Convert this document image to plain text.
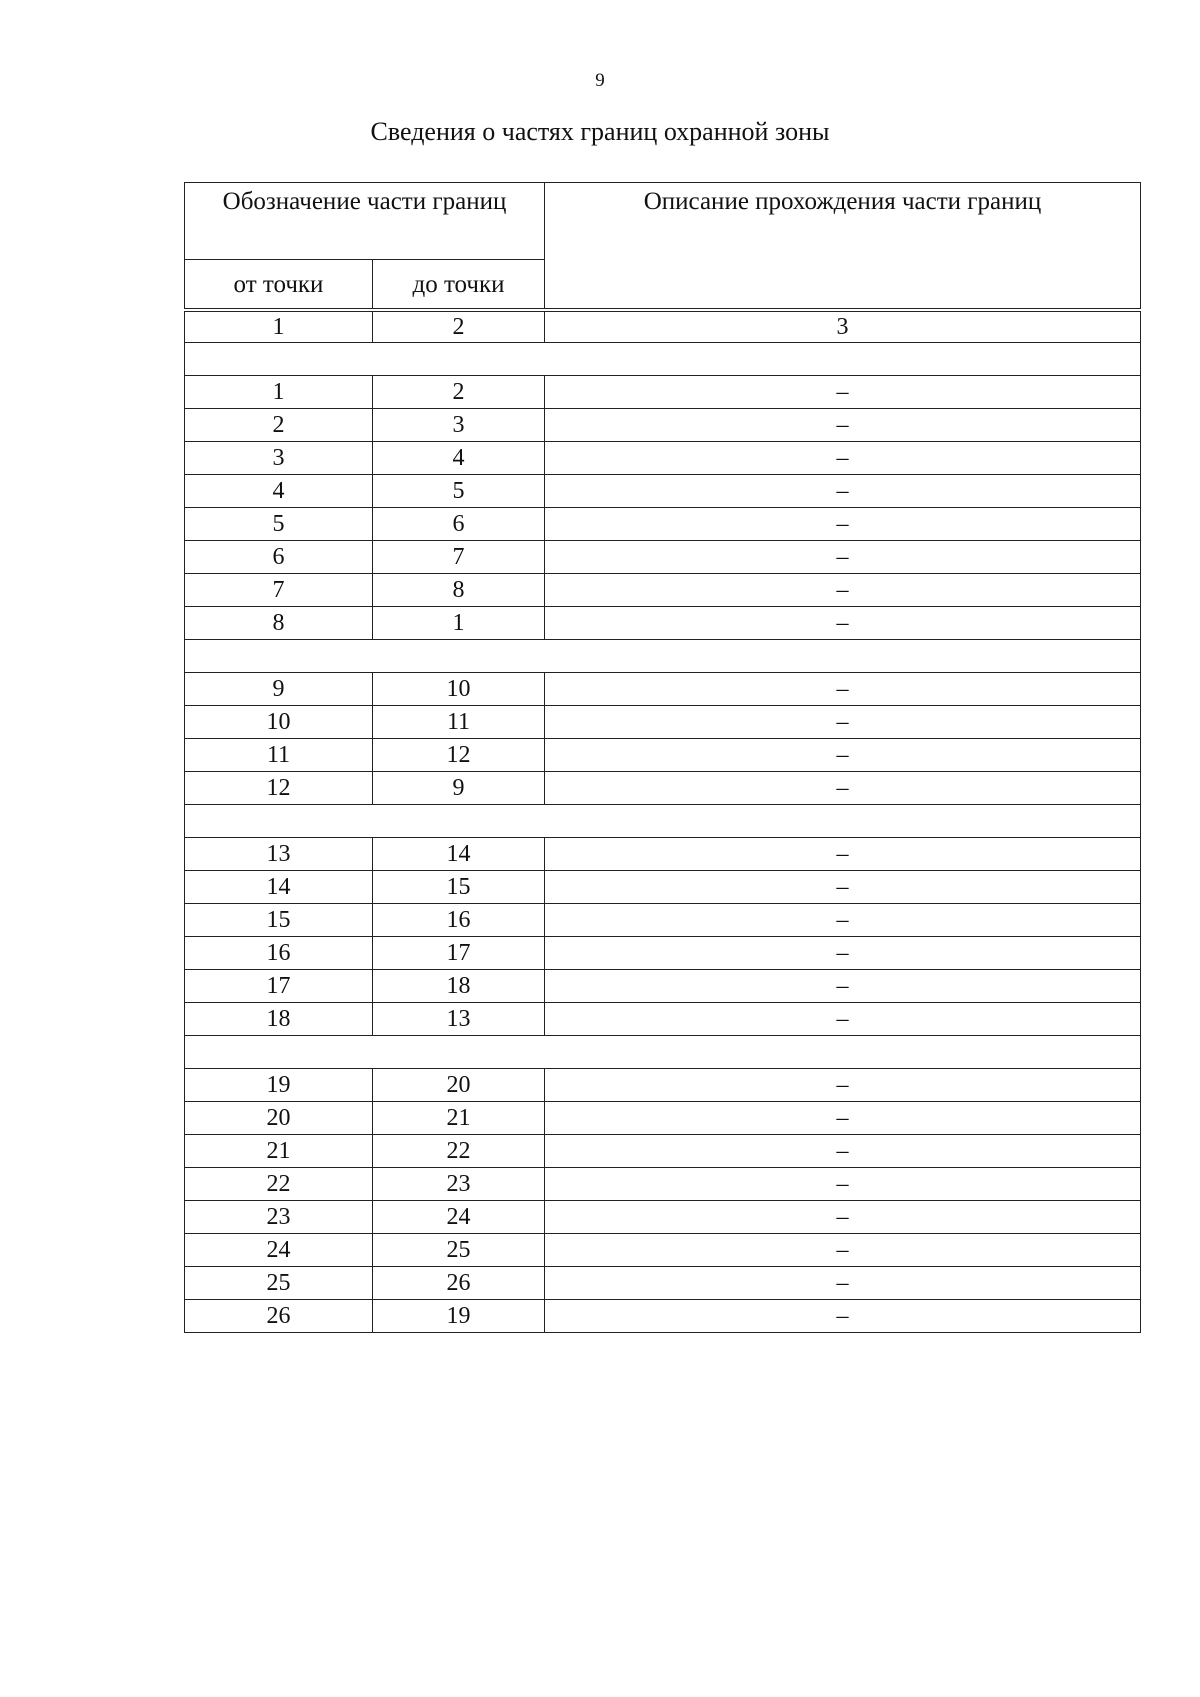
9
Сведения о частях границ охранной зоны
Обозначение части границ		Описание прохождения части границ
от точки	до точки	

1	2	3

1	2	–
2	3	–
3	4	–
4	5	–
5	6	–
6	7	–
7	8	–
8	1	–

9	10	–
10	11	–
11	12	–
12	9	–

13	14	–
14	15	–
15	16	–
16	17	–
17	18	–
18	13	–

19	20	–
20	21	–
21	22	–
22	23	–
23	24	–
24	25	–
25	26	–
26	19	–
